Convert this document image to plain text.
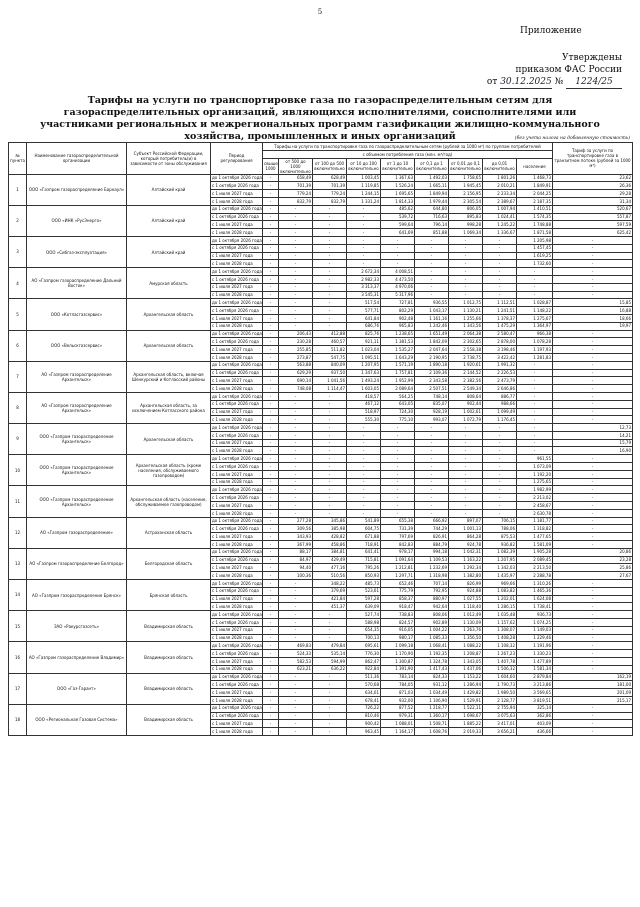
5
Приложение
Утверждены
приказом ФАС России
от 30.12.2025 № 1224/25
Тарифы на услуги по транспортировке газа по газораспределительным сетям для газораспределительных организаций, являющихся исполнителями, соисполнителями или участниками региональных и межрегиональных программ газификации жилищно-коммунального хозяйства, промышленных и иных организаций	(без учета налога на добавленную стоимость)
№ пункта	Наименование газораспределительной организации	Субъект Российской Федерации, который потребитель(и) в зависимости от зоны обслуживания	Период регулирования	Тарифы на услуги по транспортировке газа по газораспределительным сетям (рублей за 1000 м³) по группам потребителей									Тариф за услуги по транспортировке газа в транзитном потоке (рублей за 1000 м³)
				с объемом потребления газа (млн. м³/год)									
				свыше 1000	от 500 до 1000 включительно	от 100 до 500 включительно	от 10 до 100 включительно	от 1 до 10 включительно	от 0,1 до 1 включительно	от 0,01 до 0,1 включительно	до 0,01 включительно	население	
1	ООО «Газпром газораспределение Барнаул»	Алтайский край	до 1 октября 2026 года	-	658,49	628,49	1 003,45	1 367,63	1 492,03	1 758,65	1 801,26	1 468,73	23,62
			с 1 октября 2026 года	-	701,39	701,39	1 119,85	1 526,24	1 665,11	1 945,45	2 010,21	1 849,91	26,36
			с 1 июля 2027 года	-	779,24	779,24	1 244,15	1 695,65	1 849,94	2 156,95	2 233,34	2 044,25	29,28
			с 1 июля 2028 года	-	832,79	832,79	1 331,24	1 814,33	1 979,44	2 305,54	2 389,67	2 187,35	31,34
2	ООО «ИНК «РусЭнерго»	Алтайский край	до 1 октября 2026 года	-	-	-	-	485,62	644,80	806,05	1 007,94	1 410,51	520,67
			с 1 октября 2026 года	-	-	-	-	539,72	716,63	895,83	1 024,41	1 574,35	557,87
			с 1 июля 2027 года	-	-	-	-	599,64	796,14	998,28	1 245,22	1 748,88	597,59
			с 1 июля 2028 года	-	-	-	-	641,69	851,88	1 069,34	1 336,67	1 871,58	625,42
3	ООО «Сибгаз-эксплуатация»	Алтайский край	до 1 октября 2026 года	-	-	-	-	-	-	-	-	1 205,98	-
			с 1 октября 2026 года	-	-	-	-	-	-	-	-	1 457,45	-
			с 1 июля 2027 года	-	-	-	-	-	-	-	-	1 619,25	-
			с 1 июля 2028 года	-	-	-	-	-	-	-	-	1 732,60	-
4	АО «Газпром газораспределение Дальний Восток»	Амурская область	до 1 октября 2026 года	-	-	-	2 672,34	4 008,51	-	-	-	-	-
			с 1 октября 2026 года	-	-	-	2 982,33	4 473,50	-	-	-	-	-
			с 1 июля 2027 года	-	-	-	3 313,37	4 970,06	-	-	-	-	-
			с 1 июля 2028 года	-	-	-	3 545,31	5 317,96	-	-	-	-	-
5	ООО «Котласгазсервис»	Архангельская область	до 1 октября 2026 года	-	-	-	517,54	727,81	936,55	1 012,75	1 112,51	1 028,87	15,85
			с 1 октября 2026 года	-	-	-	577,71	802,29	1 043,17	1 130,21	1 241,51	1 148,22	16,88
			с 1 июля 2027 года	-	-	-	641,84	902,48	1 161,16	1 255,66	1 378,37	1 275,67	18,66
			с 1 июля 2028 года	-	-	-	686,76	965,83	1 242,46	1 343,56	1 475,29	1 364,97	19,97
6	ООО «Вельскгазсервис»	Архангельская область	до 1 октября 2026 года	-	206,43	412,88	825,76	1 238,65	1 651,49	2 064,38	2 580,47	966,38	-
			с 1 октября 2026 года	-	230,28	460,57	921,11	1 381,53	1 842,09	2 302,65	2 878,00	1 078,28	-
			с 1 июля 2027 года	-	255,85	511,82	1 023,04	1 535,27	2 047,64	2 558,38	3 198,46	1 197,93	-
			с 1 июля 2028 года	-	273,87	547,75	1 095,51	1 643,29	2 190,95	2 738,75	3 422,42	1 281,83	-
7	АО «Газпром газораспределение Архангельск»	Архангельская область, включая Шенкурский и Котласский районы	до 1 октября 2026 года	-	563,88	840,09	1 207,95	1 571,19	1 890,18	1 920,61	1 991,32	-	-
			с 1 октября 2026 года	-	629,29	937,50	1 347,63	1 757,81	2 109,36	2 144,52	2 226,53	-	-
			с 1 июля 2027 года	-	690,14	1 041,56	1 493,24	1 952,99	2 343,58	2 382,56	2 473,79	-	-
			с 1 июля 2028 года	-	748,08	1 114,47	1 603,05	2 089,64	2 507,51	2 549,34	2 646,86	-	-
8	АО «Газпром газораспределение Архангельск»	Архангельская область, за исключением Котласского района	до 1 октября 2026 года	-	-	-	418,57	564,25	748,14	808,64	886,77	-	-
			с 1 октября 2026 года	-	-	-	467,12	643,05	835,07	902,44	988,66	-	-
			с 1 июля 2027 года	-	-	-	518,97	724,30	928,19	1 002,61	1 099,49	-	-
			с 1 июля 2028 года	-	-	-	555,30	775,10	993,07	1 072,79	1 176,45	-	-
9	ООО «Газпром газораспределение Архангельск»	Архангельская область	до 1 октября 2026 года	-	-	-	-	-	-	-	-	-	12,73
			с 1 октября 2026 года	-	-	-	-	-	-	-	-	-	14,21
			с 1 июля 2027 года	-	-	-	-	-	-	-	-	-	15,79
			с 1 июля 2028 года	-	-	-	-	-	-	-	-	-	16,90
10	ООО «Газпром газораспределение Архангельск»	Архангельская область (кроме населения, обслуживаемого газопроводом)	до 1 октября 2026 года	-	-	-	-	-	-	-	-	961,55	-
			с 1 октября 2026 года	-	-	-	-	-	-	-	-	1 073,09	-
			с 1 июля 2027 года	-	-	-	-	-	-	-	-	1 192,20	-
			с 1 июля 2028 года	-	-	-	-	-	-	-	-	1 275,65	-
11	ООО «Газпром газораспределение Архангельск»	Архангельская область (население, обслуживаемое газопроводом)	до 1 октября 2026 года	-	-	-	-	-	-	-	-	1 982,99	-
			с 1 октября 2026 года	-	-	-	-	-	-	-	-	2 213,02	-
			с 1 июля 2027 года	-	-	-	-	-	-	-	-	2 458,67	-
			с 1 июля 2028 года	-	-	-	-	-	-	-	-	2 630,78	-
12	АО «Газпром газораспределение»	Астраханская область	до 1 октября 2026 года	-	277,28	345,86	541,89	655,38	666,92	897,07	706,15	1 181,77	-
			с 1 октября 2026 года	-	309,56	385,98	604,75	731,39	744,29	1 001,13	788,06	1 318,82	-
			с 1 июля 2027 года	-	343,93	428,82	671,88	797,69	826,91	864,28	875,53	1 477,65	-
			с 1 июля 2028 года	-	367,99	458,86	718,91	842,83	884,79	924,78	936,82	1 581,09	-
13	АО «Газпром газораспределение Белгород»	Белгородская область	до 1 октября 2026 года	-	88,17	384,81	641,41	978,17	994,18	1 042,31	1 082,39	1 905,28	20,86
			с 1 октября 2026 года	-	84,97	429,49	715,81	1 091,64	1 109,53	1 163,22	1 207,95	2 089,45	23,28
			с 1 июля 2027 года	-	94,40	477,16	795,26	1 212,81	1 232,69	1 292,34	1 342,03	2 213,50	25,86
			с 1 июля 2028 года	-	100,36	510,56	850,93	1 297,71	1 318,98	1 382,80	1 435,97	2 288,78	27,67
14	АО «Газпром газораспределение Брянск»	Брянская область	до 1 октября 2026 года	-	-	348,22	485,73	652,46	707,14	826,99	969,66	1 310,26	-
			с 1 октября 2026 года	-	-	379,69	523,61	775,79	792,95	924,88	1 083,82	1 465,36	-
			с 1 июля 2027 года	-	-	421,84	597,28	858,37	880,97	1 027,55	1 202,01	1 624,08	-
			с 1 июля 2028 года	-	-	451,37	639,09	918,47	942,64	1 118,40	1 286,15	1 738,41	-
15	ЗАО «Ракурсгазсеть»	Владимирская область	до 1 октября 2026 года	-	-	-	527,74	738,83	808,06	1 012,49	1 035,48	936,73	-
			с 1 октября 2026 года	-	-	-	588,98	824,57	902,89	1 130,09	1 157,62	1 074,25	-
			с 1 июля 2027 года	-	-	-	654,35	916,05	1 004,22	1 263,76	1 308,07	1 149,03	-
			с 1 июля 2028 года	-	-	-	700,13	980,17	1 085,33	1 356,50	1 408,28	1 229,46	-
16	АО «Газпром газораспределение Владимир»	Владимирская область	до 1 октября 2026 года	-	469,83	479,84	695,61	1 099,18	1 068,41	1 088,22	1 108,32	1 191,96	-
			с 1 октября 2026 года	-	524,33	535,14	776,30	1 170,90	1 192,35	1 208,87	1 267,23	1 330,23	-
			с 1 июля 2027 года	-	582,53	594,99	862,47	1 300,87	1 324,78	1 343,05	1 407,78	1 477,89	-
			с 1 июля 2028 года	-	623,21	636,22	922,84	1 391,90	1 417,43	1 437,06	1 506,32	1 581,34	-
17	ООО «Газ-Гарант»	Владимирская область	до 1 октября 2026 года	-	-	-	511,36	783,14	824,33	1 153,22	1 604,60	2 879,84	162,19
			с 1 октября 2026 года	-	-	-	570,68	784,05	931,12	1 286,94	1 790,73	3 213,86	181,00
			с 1 июля 2027 года	-	-	-	634,01	871,03	1 034,49	1 429,82	1 989,50	3 569,65	201,09
			с 1 июля 2028 года	-	-	-	678,41	932,00	1 106,90	1 529,91	2 128,77	3 819,51	215,17
18	ООО «Региональная Газовая Система»	Владимирская область	до 1 октября 2026 года	-	-	-	726,22	877,52	1 218,77	1 522,11	2 755,94	325,14	-
			с 1 октября 2026 года	-	-	-	810,46	979,31	1 360,17	1 698,67	3 075,63	362,86	-
			с 1 июля 2027 года	-	-	-	900,42	1 088,01	1 508,71	1 885,22	3 417,01	403,09	-
			с 1 июля 2028 года	-	-	-	963,45	1 164,17	1 608,76	2 019,33	3 656,21	436,66	-
